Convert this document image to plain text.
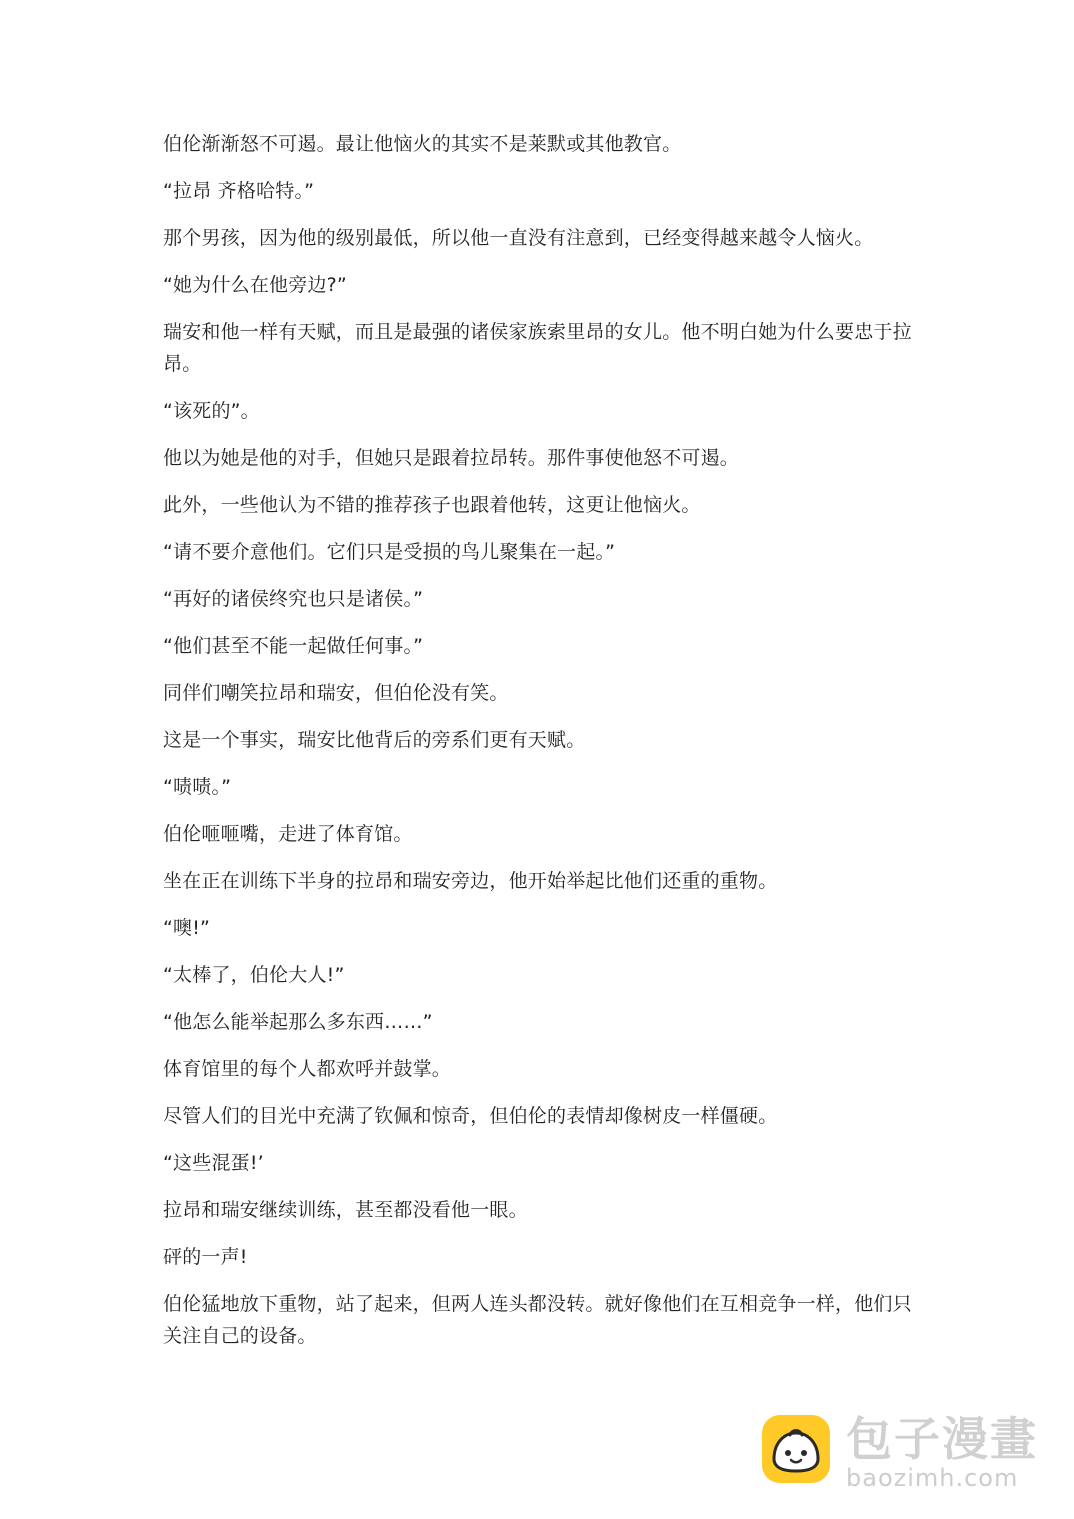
伯伦渐渐怒不可遏。最让他恼火的其实不是莱默或其他教官。

“拉昂 齐格哈特。”

那个男孩，因为他的级别最低，所以他一直没有注意到，已经变得越来越令人恼火。

“她为什么在他旁边?”

瑞安和他一样有天赋，而且是最强的诸侯家族索里昂的女儿。他不明白她为什么要忠于拉昂。

“该死的”。

他以为她是他的对手，但她只是跟着拉昂转。那件事使他怒不可遏。

此外，一些他认为不错的推荐孩子也跟着他转，这更让他恼火。

“请不要介意他们。它们只是受损的鸟儿聚集在一起。”

“再好的诸侯终究也只是诸侯。”

“他们甚至不能一起做任何事。”

同伴们嘲笑拉昂和瑞安，但伯伦没有笑。

这是一个事实，瑞安比他背后的旁系们更有天赋。

“啧啧。”

伯伦咂咂嘴，走进了体育馆。

坐在正在训练下半身的拉昂和瑞安旁边，他开始举起比他们还重的重物。

“噢!”

“太棒了，伯伦大人!”

“他怎么能举起那么多东西……”

体育馆里的每个人都欢呼并鼓掌。

尽管人们的目光中充满了钦佩和惊奇，但伯伦的表情却像树皮一样僵硬。

“这些混蛋!’

拉昂和瑞安继续训练，甚至都没看他一眼。

砰的一声!

伯伦猛地放下重物，站了起来，但两人连头都没转。就好像他们在互相竞争一样，他们只关注自己的设备。

包子漫畫
baozimh.com
